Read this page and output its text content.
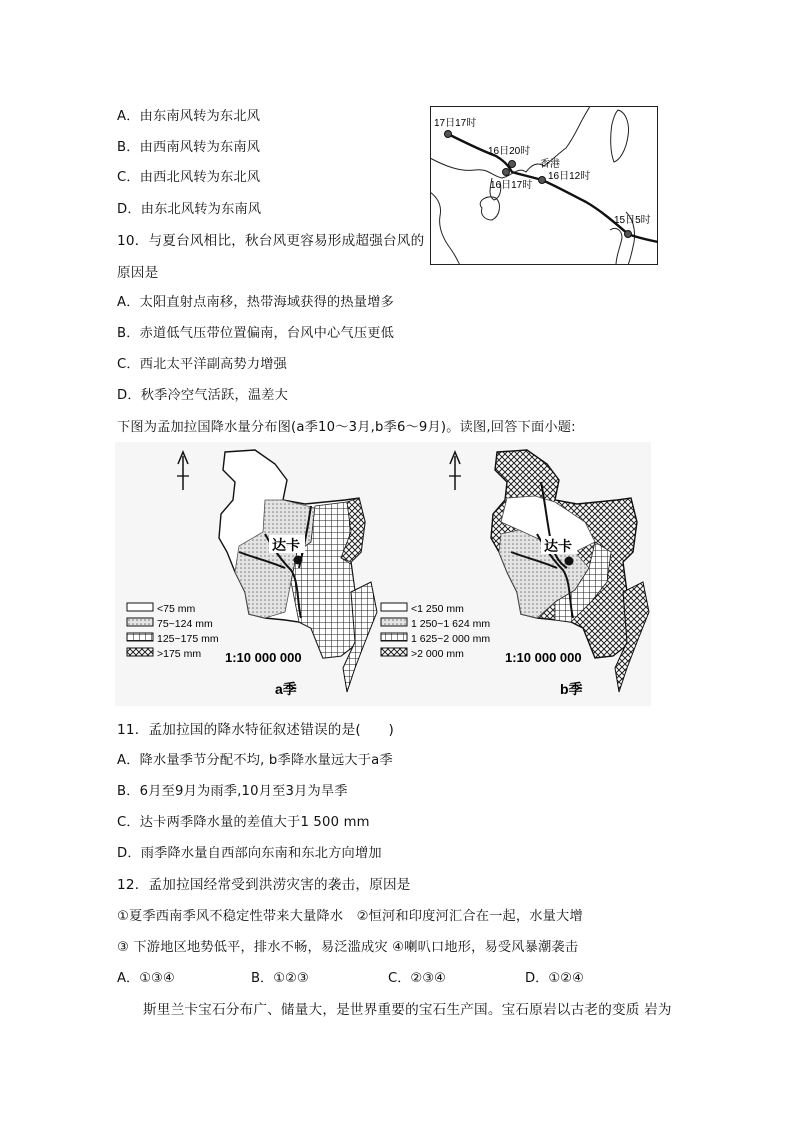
A．由东南风转为东北风
B．由西南风转为东南风
C．由西北风转为东北风
D．由东北风转为东南风
10．与夏台风相比，秋台风更容易形成超强台风的
原因是
A．太阳直射点南移，热带海域获得的热量增多
B．赤道低气压带位置偏南，台风中心气压更低
C．西北太平洋副高势力增强
D．秋季冷空气活跃，温差大
17日17时
16日20时
香港
16日17时
16日12时
15日5时
下图为孟加拉国降水量分布图(a季10～3月,b季6～9月)。读图,回答下面小题:
达卡
<75 mm
75~124 mm
125~175 mm
>175 mm 1:10 000 000
a季
达卡
<1 250 mm
1 250~1 624 mm
1 625~2 000 mm
>2 000 mm	1:10 000 000
b季
11．孟加拉国的降水特征叙述错误的是(　　)
A．降水量季节分配不均, b季降水量远大于a季
B．6月至9月为雨季,10月至3月为旱季
C．达卡两季降水量的差值大于1 500 mm
D．雨季降水量自西部向东南和东北方向增加
12．孟加拉国经常受到洪涝灾害的袭击，原因是
①夏季西南季风不稳定性带来大量降水　②恒河和印度河汇合在一起，水量大增
③ 下游地区地势低平，排水不畅，易泛滥成灾 ④喇叭口地形，易受风暴潮袭击
A．①③④	B．①②③	C．②③④	D．①②④
斯里兰卡宝石分布广、储量大，是世界重要的宝石生产国。宝石原岩以古老的变质 岩为
